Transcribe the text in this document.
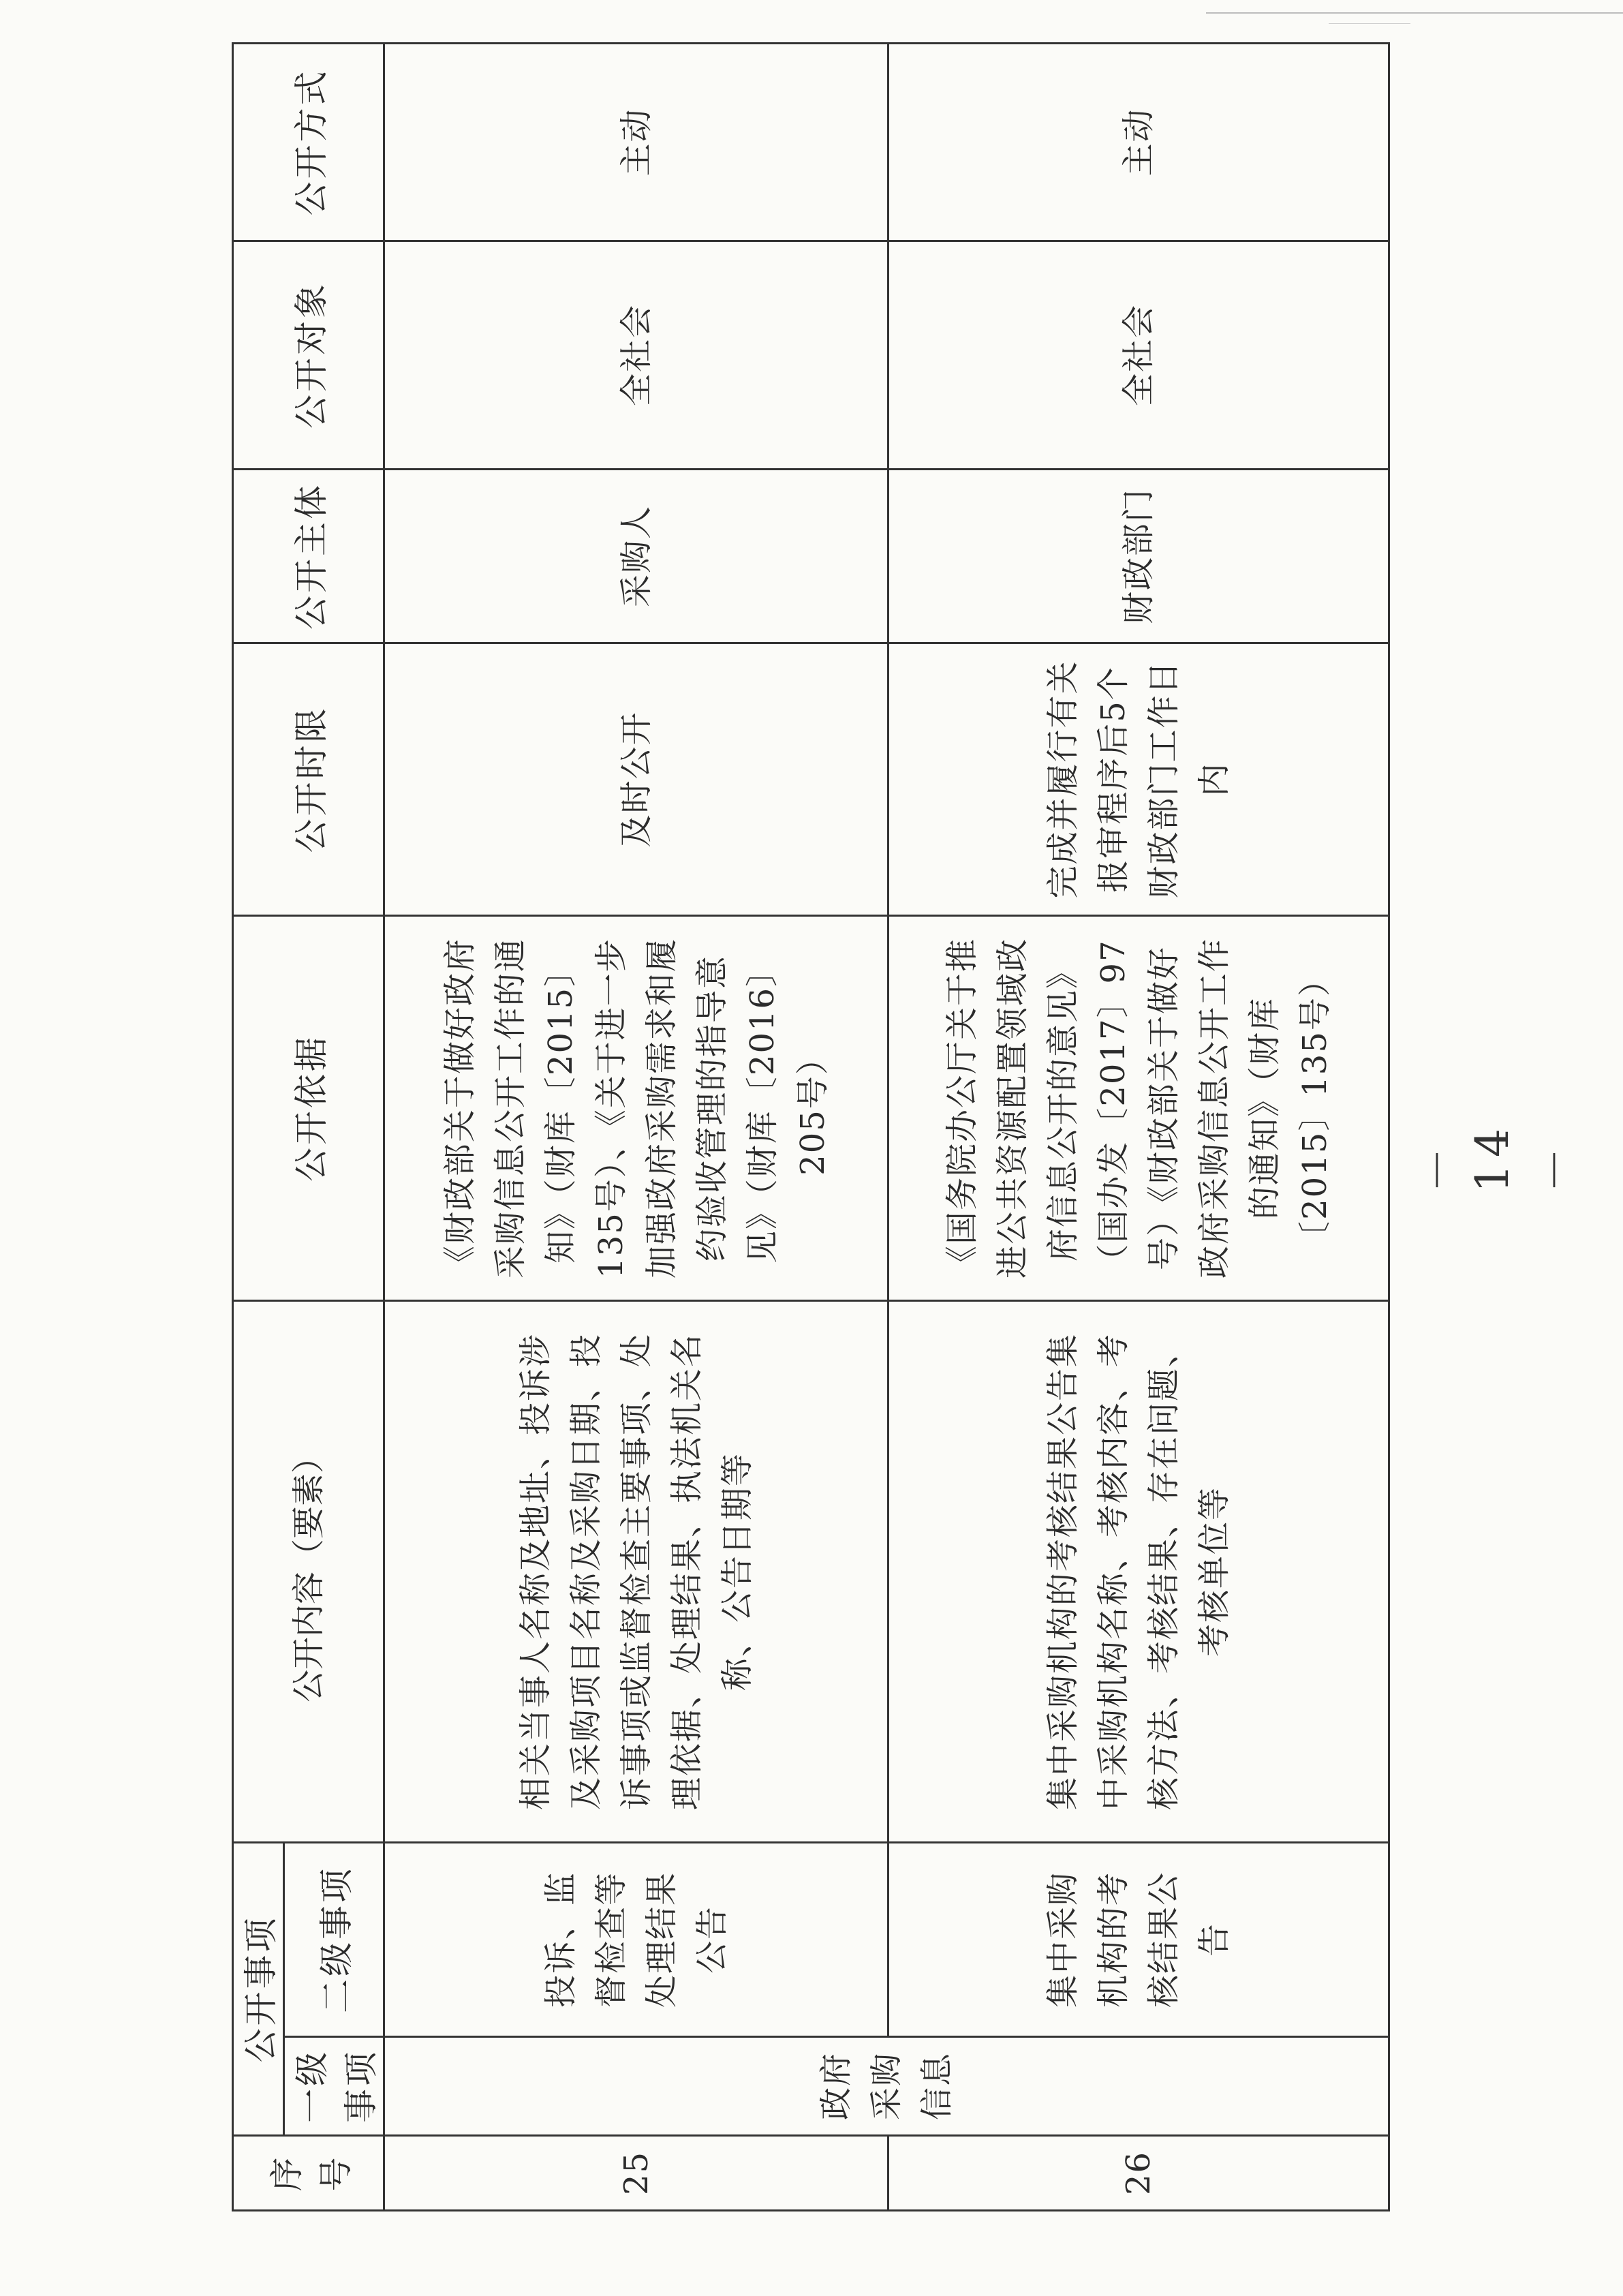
序号	公开事项		公开内容（要素）	公开依据	公开时限	公开主体	公开对象	公开方式
	一级事项	二级事项						
25	政府采购信息	投诉、监督检查等处理结果公告	相关当事人名称及地址、投诉涉及采购项目名称及采购日期、投诉事项或监督检查主要事项、处理依据、处理结果、执法机关名称、公告日期等	《财政部关于做好政府采购信息公开工作的通知》（财库〔2015〕135号）、《关于进一步加强政府采购需求和履约验收管理的指导意见》（财库〔2016〕205号）	及时公开	采购人	全社会	主动
26		集中采购机构的考核结果公告	集中采购机构的考核结果公告集中采购机构名称、考核内容、考核方法、考核结果、存在问题、考核单位等	《国务院办公厅关于推进公共资源配置领域政府信息公开的意见》（国办发〔2017〕97号）《财政部关于做好政府采购信息公开工作的通知》（财库〔2015〕135号）	完成并履行有关报审程序后5个财政部门工作日内	财政部门	全社会	主动
－ 14 －
